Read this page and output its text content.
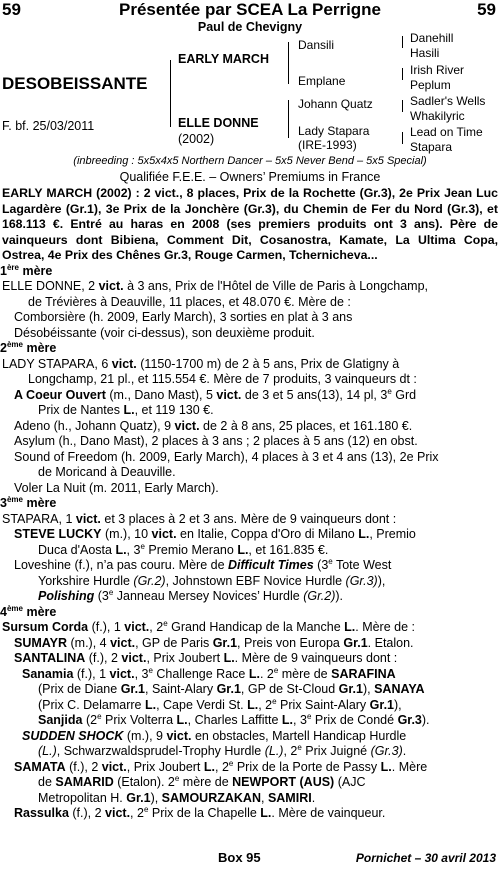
59	Présentée par SCEA La Perrigne	59
Paul de Chevigny
DESOBEISSANTE
F. bf. 25/03/2011
EARLY MARCH
ELLE DONNE
(2002)
Dansili
Emplane
Johann Quatz
Lady Stapara
(IRE-1993)
Danehill
Hasili
Irish River
Peplum
Sadler's Wells
Whakilyric
Lead on Time
Stapara
(inbreeding : 5x5x4x5 Northern Dancer – 5x5 Never Bend – 5x5 Special)
Qualifiée F.E.E. – Owners’ Premiums in France
EARLY MARCH (2002) : 2 vict., 8 places, Prix de la Rochette (Gr.3), 2e Prix Jean Luc Lagardère (Gr.1), 3e Prix de la Jonchère (Gr.3), du Chemin de Fer du Nord (Gr.3), et 168.113 €. Entré au haras en 2008 (ses premiers produits ont 3 ans). Père de vainqueurs dont Bibiena, Comment Dit, Cosanostra, Kamate, La Ultima Copa, Ostrea, 4e Prix des Chênes Gr.3, Rouge Carmen, Tchernicheva...
1ère mère
ELLE DONNE, 2 vict. à 3 ans, Prix de l'Hôtel de Ville de Paris à Longchamp,
de Trévières à Deauville, 11 places, et 48.070 €. Mère de :
Comborsière (h. 2009, Early March), 3 sorties en plat à 3 ans
Désobéissante (voir ci-dessus), son deuxième produit.
2ème mère
LADY STAPARA, 6 vict. (1150-1700 m) de 2 à 5 ans, Prix de Glatigny à
Longchamp, 21 pl., et 115.554 €. Mère de 7 produits, 3 vainqueurs dt :
A Coeur Ouvert (m., Dano Mast), 5 vict. de 3 et 5 ans(13), 14 pl, 3e Grd
Prix de Nantes L., et 119 130 €.
Adeno (h., Johann Quatz), 9 vict. de 2 à 8 ans, 25 places, et 161.180 €.
Asylum (h., Dano Mast), 2 places à 3 ans ; 2 places à 5 ans (12) en obst.
Sound of Freedom (h. 2009, Early March), 4 places à 3 et 4 ans (13), 2e Prix
de Moricand à Deauville.
Voler La Nuit (m. 2011, Early March).
3ème mère
STAPARA, 1 vict. et 3 places à 2 et 3 ans. Mère de 9 vainqueurs dont :
STEVE LUCKY (m.), 10 vict. en Italie, Coppa d'Oro di Milano L., Premio
Duca d'Aosta L., 3e Premio Merano L., et 161.835 €.
Loveshine (f.), n’a pas couru. Mère de Difficult Times (3e Tote West
Yorkshire Hurdle (Gr.2), Johnstown EBF Novice Hurdle (Gr.3)),
Polishing (3e Janneau Mersey Novices’ Hurdle (Gr.2)).
4ème mère
Sursum Corda (f.), 1 vict., 2e Grand Handicap de la Manche L.. Mère de :
SUMAYR (m.), 4 vict., GP de Paris Gr.1, Preis von Europa Gr.1. Etalon.
SANTALINA (f.), 2 vict., Prix Joubert L.. Mère de 9 vainqueurs dont :
Sanamia (f.), 1 vict., 3e Challenge Race L.. 2e mère de SARAFINA
(Prix de Diane Gr.1, Saint-Alary Gr.1, GP de St-Cloud Gr.1), SANAYA
(Prix C. Delamarre L., Cape Verdi St. L., 2e Prix Saint-Alary Gr.1),
Sanjida (2e Prix Volterra L., Charles Laffitte L., 3e Prix de Condé Gr.3).
SUDDEN SHOCK (m.), 9 vict. en obstacles, Martell Handicap Hurdle
(L.), Schwarzwaldsprudel-Trophy Hurdle (L.), 2e Prix Juigné (Gr.3).
SAMATA (f.), 2 vict., Prix Joubert L., 2e Prix de la Porte de Passy L.. Mère
de SAMARID (Etalon). 2e mère de NEWPORT (AUS) (AJC
Metropolitan H. Gr.1), SAMOURZAKAN, SAMIRI.
Rassulka (f.), 2 vict., 2e Prix de la Chapelle L.. Mère de vainqueur.
Box 95	Pornichet – 30 avril 2013
